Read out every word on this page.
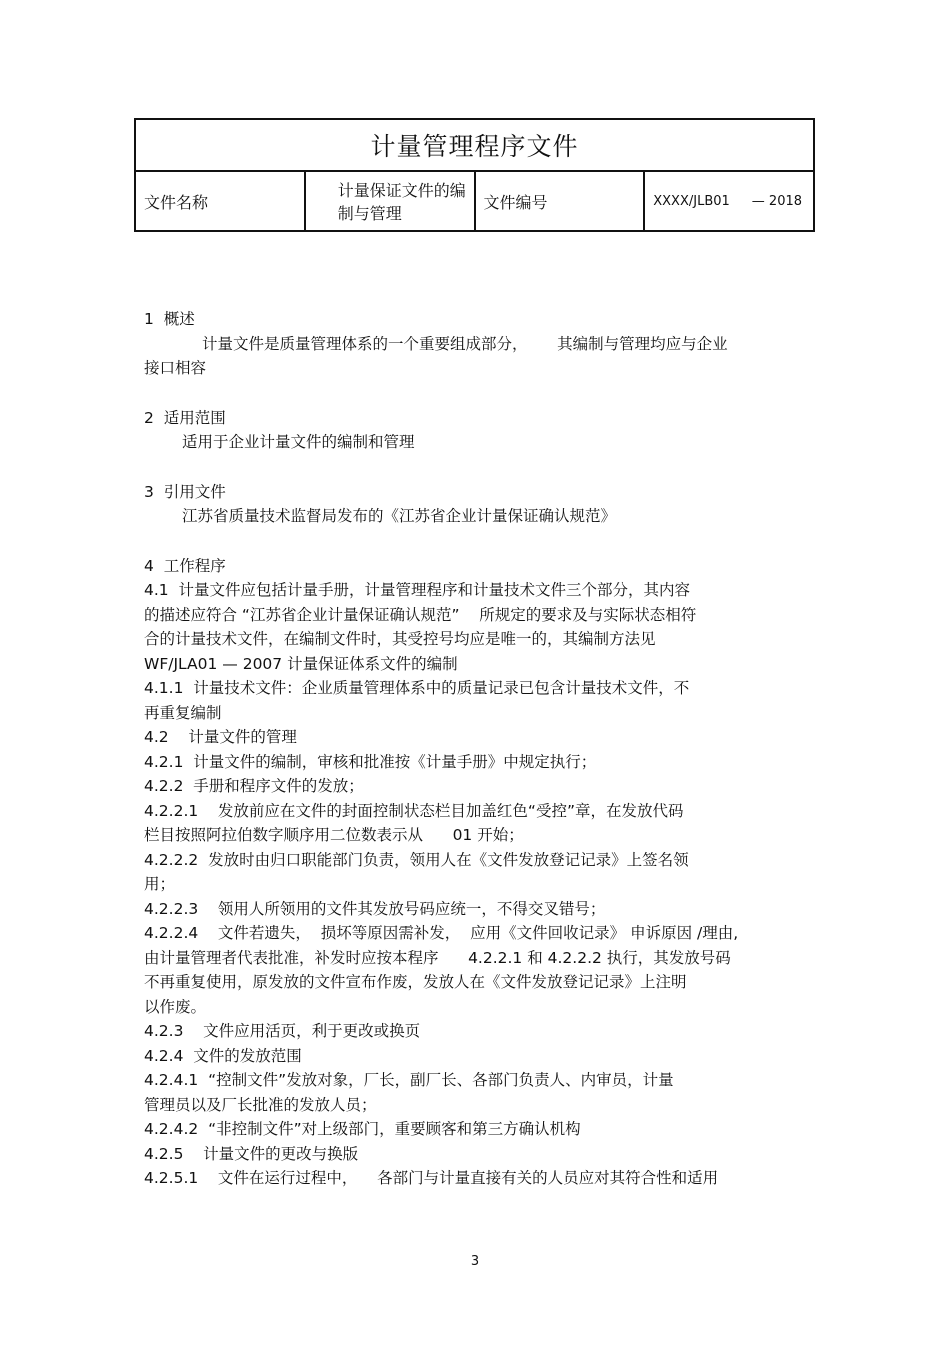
计量管理程序文件
文件名称	计量保证文件的编制与管理	文件编号	XXXX/JLB01 — 2018
1  概述
计量文件是质量管理体系的一个重要组成部分，      其编制与管理均应与企业
接口相容
2  适用范围
适用于企业计量文件的编制和管理
3  引用文件
江苏省质量技术监督局发布的《江苏省企业计量保证确认规范》
4  工作程序
4.1  计量文件应包括计量手册，计量管理程序和计量技术文件三个部分，其内容
的描述应符合 “江苏省企业计量保证确认规范”    所规定的要求及与实际状态相符
合的计量技术文件，在编制文件时，其受控号均应是唯一的，其编制方法见
WF/JLA01 — 2007 计量保证体系文件的编制
4.1.1  计量技术文件：企业质量管理体系中的质量记录已包含计量技术文件，不
再重复编制
4.2    计量文件的管理
4.2.1  计量文件的编制，审核和批准按《计量手册》中规定执行；
4.2.2  手册和程序文件的发放；
4.2.2.1    发放前应在文件的封面控制状态栏目加盖红色“受控”章，在发放代码
栏目按照阿拉伯数字顺序用二位数表示从      01 开始；
4.2.2.2  发放时由归口职能部门负责，领用人在《文件发放登记记录》上签名领
用；
4.2.2.3    领用人所领用的文件其发放号码应统一，不得交叉错号；
4.2.2.4    文件若遗失，  损坏等原因需补发，  应用《文件回收记录》 申诉原因 /理由,
由计量管理者代表批准，补发时应按本程序      4.2.2.1 和 4.2.2.2 执行，其发放号码
不再重复使用，原发放的文件宣布作废，发放人在《文件发放登记记录》上注明
以作废。
4.2.3    文件应用活页，利于更改或换页
4.2.4  文件的发放范围
4.2.4.1  “控制文件”发放对象，厂长，副厂长、各部门负责人、内审员，计量
管理员以及厂长批准的发放人员；
4.2.4.2  “非控制文件”对上级部门，重要顾客和第三方确认机构
4.2.5    计量文件的更改与换版
4.2.5.1    文件在运行过程中，    各部门与计量直接有关的人员应对其符合性和适用
3
